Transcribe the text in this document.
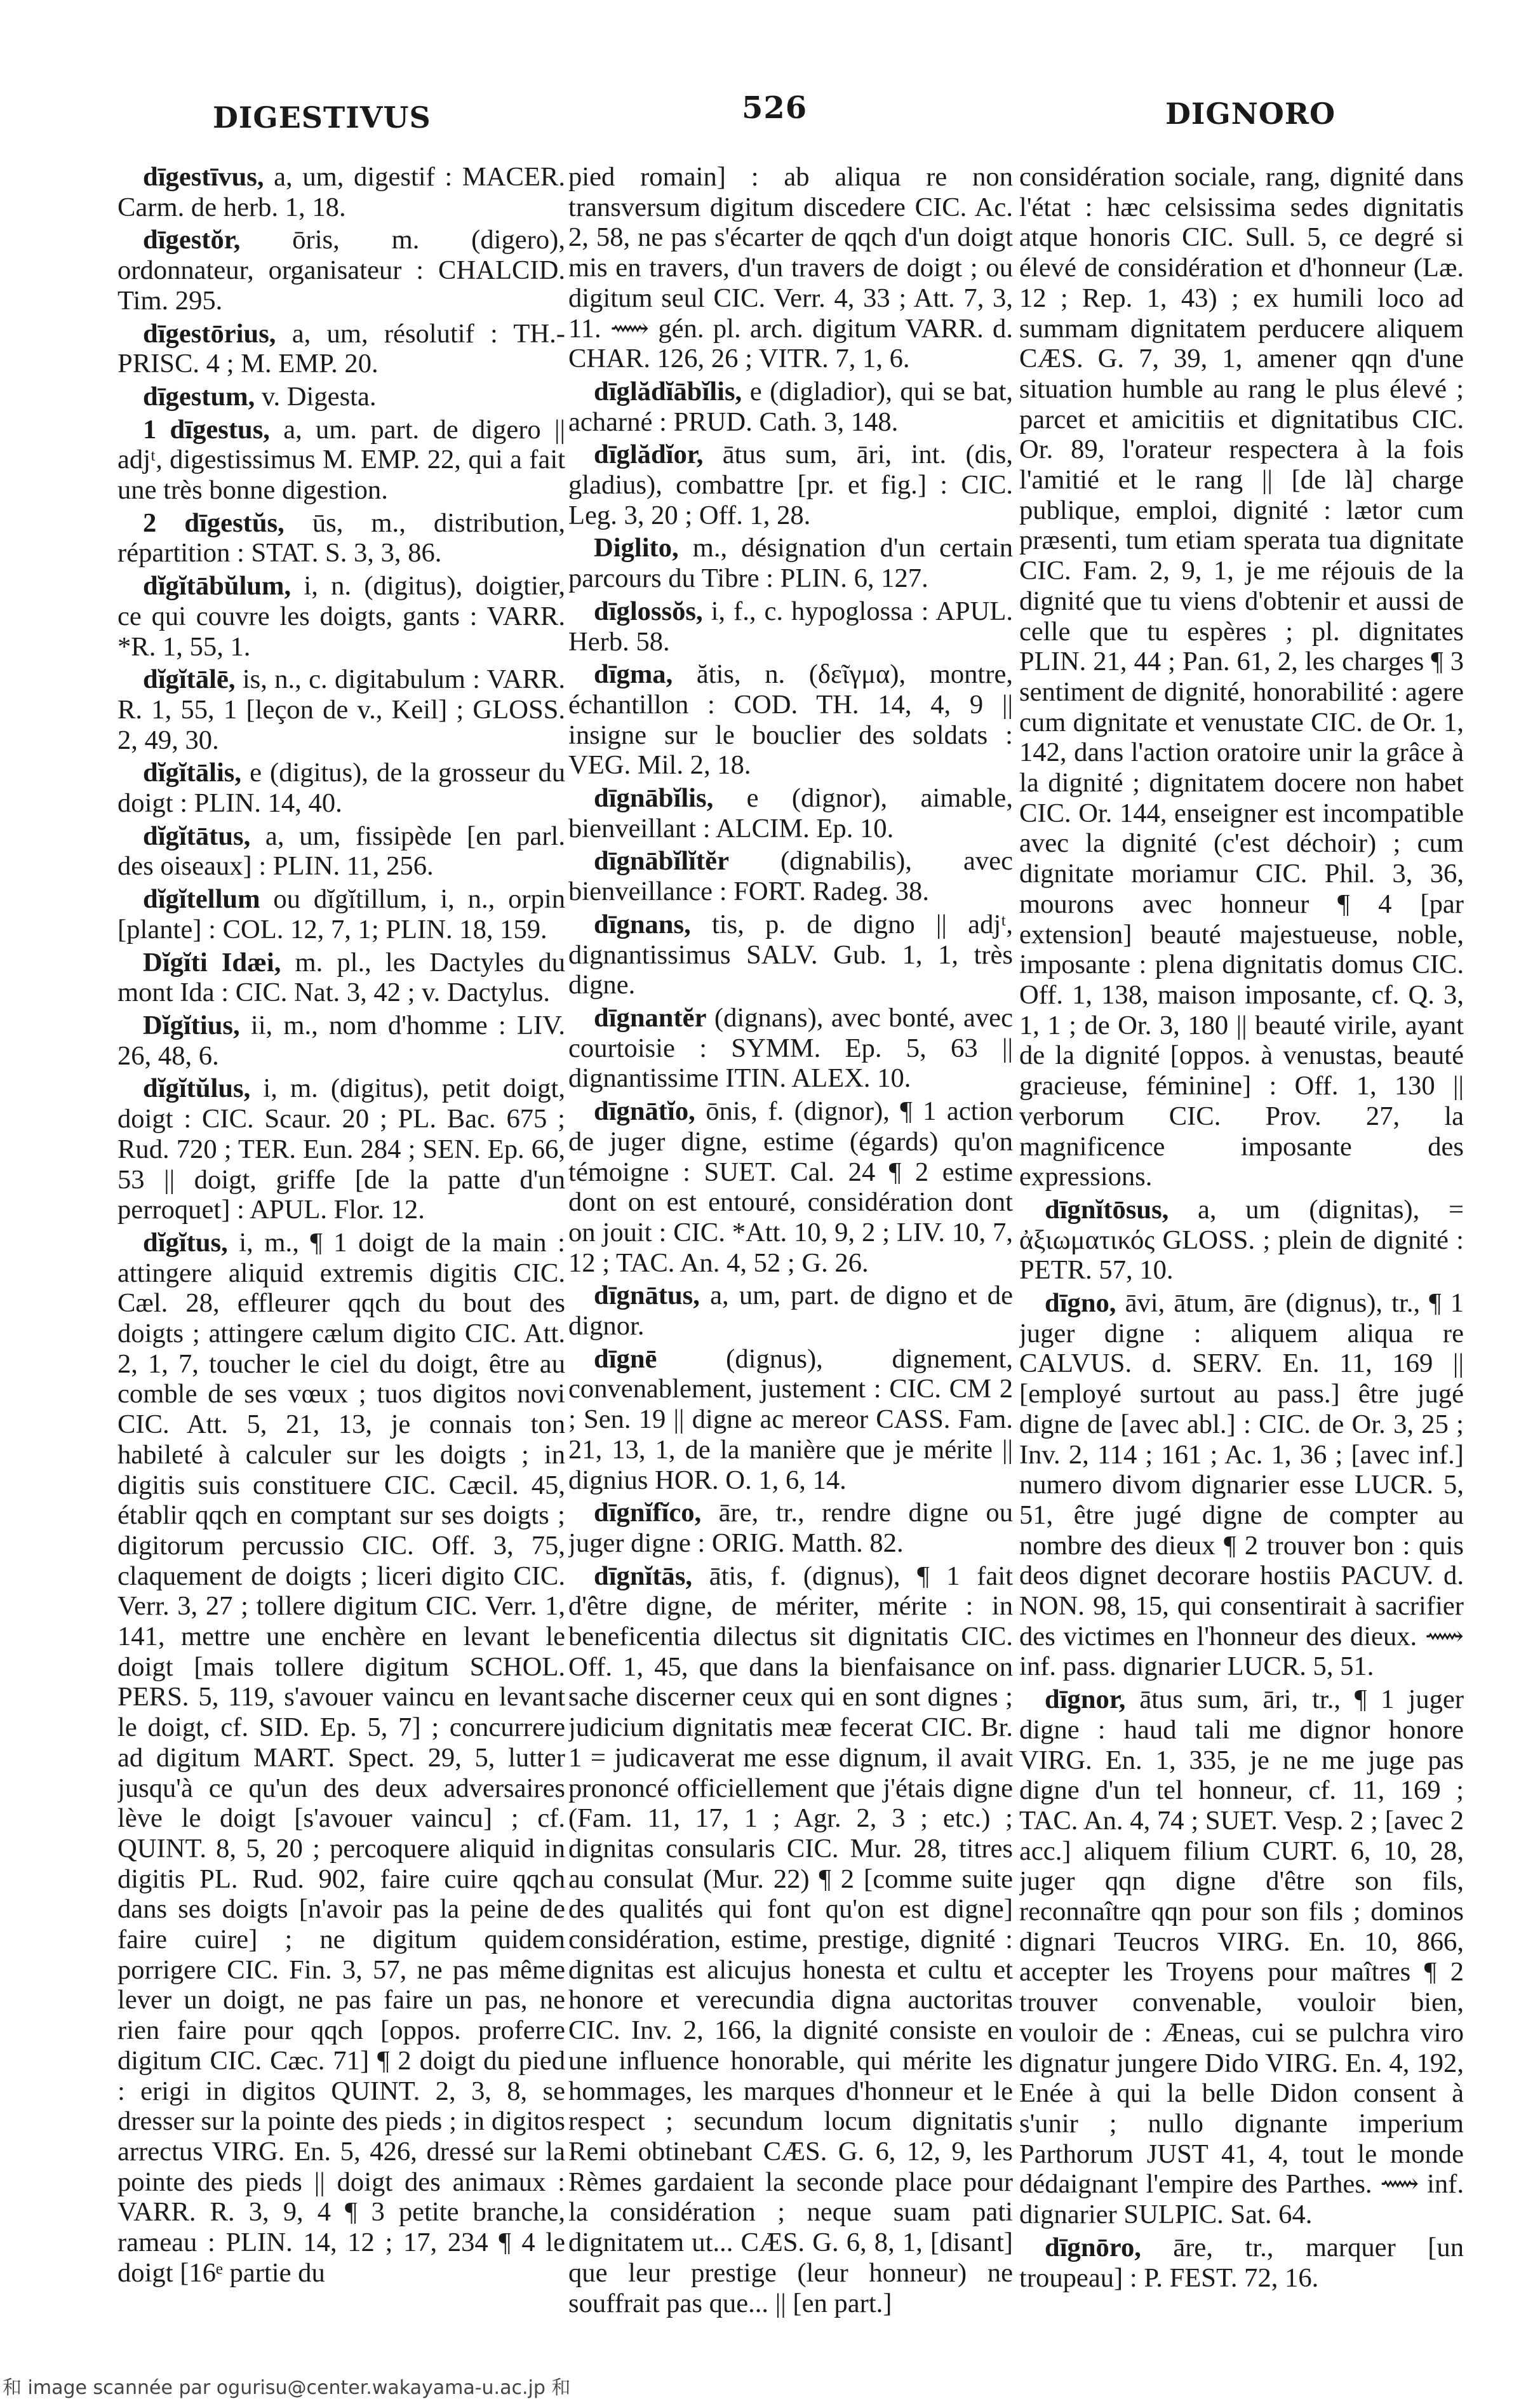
DIGESTIVUS	526	DIGNORO

dīgestīvus, a, um, digestif : MACER. Carm. de herb. 1, 18.

dīgestŏr, ōris, m. (digero), ordonnateur, organisateur : CHALCID. Tim. 295.

dīgestōrius, a, um, résolutif : TH.-PRISC. 4 ; M. EMP. 20.

dīgestum, v. Digesta.

1 dīgestus, a, um. part. de digero || adjᵗ, digestissimus M. EMP. 22, qui a fait une très bonne digestion.

2 dīgestŭs, ūs, m., distribution, répartition : STAT. S. 3, 3, 86.

dĭgĭtābŭlum, i, n. (digitus), doigtier, ce qui couvre les doigts, gants : VARR. *R. 1, 55, 1.

dĭgĭtālē, is, n., c. digitabulum : VARR. R. 1, 55, 1 [leçon de v., Keil] ; GLOSS. 2, 49, 30.

dĭgĭtālis, e (digitus), de la grosseur du doigt : PLIN. 14, 40.

dĭgĭtātus, a, um, fissipède [en parl. des oiseaux] : PLIN. 11, 256.

dĭgĭtellum ou dĭgĭtillum, i, n., orpin [plante] : COL. 12, 7, 1; PLIN. 18, 159.

Dĭgĭti Idæi, m. pl., les Dactyles du mont Ida : CIC. Nat. 3, 42 ; v. Dactylus.

Dĭgĭtius, ii, m., nom d'homme : LIV. 26, 48, 6.

dĭgĭtŭlus, i, m. (digitus), petit doigt, doigt : CIC. Scaur. 20 ; PL. Bac. 675 ; Rud. 720 ; TER. Eun. 284 ; SEN. Ep. 66, 53 || doigt, griffe [de la patte d'un perroquet] : APUL. Flor. 12.

dĭgĭtus, i, m., ¶ 1 doigt de la main : attingere aliquid extremis digitis CIC. Cæl. 28, effleurer qqch du bout des doigts ; attingere cælum digito CIC. Att. 2, 1, 7, toucher le ciel du doigt, être au comble de ses vœux ; tuos digitos novi CIC. Att. 5, 21, 13, je connais ton habileté à calculer sur les doigts ; in digitis suis constituere CIC. Cæcil. 45, établir qqch en comptant sur ses doigts ; digitorum percussio CIC. Off. 3, 75, claquement de doigts ; liceri digito CIC. Verr. 3, 27 ; tollere digitum CIC. Verr. 1, 141, mettre une enchère en levant le doigt [mais tollere digitum SCHOL. PERS. 5, 119, s'avouer vaincu en levant le doigt, cf. SID. Ep. 5, 7] ; concurrere ad digitum MART. Spect. 29, 5, lutter jusqu'à ce qu'un des deux adversaires lève le doigt [s'avouer vaincu] ; cf. QUINT. 8, 5, 20 ; percoquere aliquid in digitis PL. Rud. 902, faire cuire qqch dans ses doigts [n'avoir pas la peine de faire cuire] ; ne digitum quidem porrigere CIC. Fin. 3, 57, ne pas même lever un doigt, ne pas faire un pas, ne rien faire pour qqch [oppos. proferre digitum CIC. Cæc. 71] ¶ 2 doigt du pied : erigi in digitos QUINT. 2, 3, 8, se dresser sur la pointe des pieds ; in digitos arrectus VIRG. En. 5, 426, dressé sur la pointe des pieds || doigt des animaux : VARR. R. 3, 9, 4 ¶ 3 petite branche, rameau : PLIN. 14, 12 ; 17, 234 ¶ 4 le doigt [16ᵉ partie du

pied romain] : ab aliqua re non transversum digitum discedere CIC. Ac. 2, 58, ne pas s'écarter de qqch d'un doigt mis en travers, d'un travers de doigt ; ou digitum seul CIC. Verr. 4, 33 ; Att. 7, 3, 11. ⟿ gén. pl. arch. digitum VARR. d. CHAR. 126, 26 ; VITR. 7, 1, 6.

dīglădĭābĭlis, e (digladior), qui se bat, acharné : PRUD. Cath. 3, 148.

dīglădĭor, ātus sum, āri, int. (dis, gladius), combattre [pr. et fig.] : CIC. Leg. 3, 20 ; Off. 1, 28.

Diglito, m., désignation d'un certain parcours du Tibre : PLIN. 6, 127.

dīglossŏs, i, f., c. hypoglossa : APUL. Herb. 58.

dīgma, ătis, n. (δεῖγμα), montre, échantillon : COD. TH. 14, 4, 9 || insigne sur le bouclier des soldats : VEG. Mil. 2, 18.

dīgnābĭlis, e (dignor), aimable, bienveillant : ALCIM. Ep. 10.

dīgnābĭlĭtĕr (dignabilis), avec bienveillance : FORT. Radeg. 38.

dīgnans, tis, p. de digno || adjᵗ, dignantissimus SALV. Gub. 1, 1, très digne.

dīgnantĕr (dignans), avec bonté, avec courtoisie : SYMM. Ep. 5, 63 || dignantissime ITIN. ALEX. 10.

dīgnātĭo, ōnis, f. (dignor), ¶ 1 action de juger digne, estime (égards) qu'on témoigne : SUET. Cal. 24 ¶ 2 estime dont on est entouré, considération dont on jouit : CIC. *Att. 10, 9, 2 ; LIV. 10, 7, 12 ; TAC. An. 4, 52 ; G. 26.

dīgnātus, a, um, part. de digno et de dignor.

dīgnē (dignus), dignement, convenablement, justement : CIC. CM 2 ; Sen. 19 || digne ac mereor CASS. Fam. 21, 13, 1, de la manière que je mérite || dignius HOR. O. 1, 6, 14.

dīgnĭfĭco, āre, tr., rendre digne ou juger digne : ORIG. Matth. 82.

dīgnĭtās, ātis, f. (dignus), ¶ 1 fait d'être digne, de mériter, mérite : in beneficentia dilectus sit dignitatis CIC. Off. 1, 45, que dans la bienfaisance on sache discerner ceux qui en sont dignes ; judicium dignitatis meæ fecerat CIC. Br. 1 = judicaverat me esse dignum, il avait prononcé officiellement que j'étais digne (Fam. 11, 17, 1 ; Agr. 2, 3 ; etc.) ; dignitas consularis CIC. Mur. 28, titres au consulat (Mur. 22) ¶ 2 [comme suite des qualités qui font qu'on est digne] considération, estime, prestige, dignité : dignitas est alicujus honesta et cultu et honore et verecundia digna auctoritas CIC. Inv. 2, 166, la dignité consiste en une influence honorable, qui mérite les hommages, les marques d'honneur et le respect ; secundum locum dignitatis Remi obtinebant CÆS. G. 6, 12, 9, les Rèmes gardaient la seconde place pour la considération ; neque suam pati dignitatem ut... CÆS. G. 6, 8, 1, [disant] que leur prestige (leur honneur) ne souffrait pas que... || [en part.]

considération sociale, rang, dignité dans l'état : hæc celsissima sedes dignitatis atque honoris CIC. Sull. 5, ce degré si élevé de considération et d'honneur (Læ. 12 ; Rep. 1, 43) ; ex humili loco ad summam dignitatem perducere aliquem CÆS. G. 7, 39, 1, amener qqn d'une situation humble au rang le plus élevé ; parcet et amicitiis et dignitatibus CIC. Or. 89, l'orateur respectera à la fois l'amitié et le rang || [de là] charge publique, emploi, dignité : lætor cum præsenti, tum etiam sperata tua dignitate CIC. Fam. 2, 9, 1, je me réjouis de la dignité que tu viens d'obtenir et aussi de celle que tu espères ; pl. dignitates PLIN. 21, 44 ; Pan. 61, 2, les charges ¶ 3 sentiment de dignité, honorabilité : agere cum dignitate et venustate CIC. de Or. 1, 142, dans l'action oratoire unir la grâce à la dignité ; dignitatem docere non habet CIC. Or. 144, enseigner est incompatible avec la dignité (c'est déchoir) ; cum dignitate moriamur CIC. Phil. 3, 36, mourons avec honneur ¶ 4 [par extension] beauté majestueuse, noble, imposante : plena dignitatis domus CIC. Off. 1, 138, maison imposante, cf. Q. 3, 1, 1 ; de Or. 3, 180 || beauté virile, ayant de la dignité [oppos. à venustas, beauté gracieuse, féminine] : Off. 1, 130 || verborum CIC. Prov. 27, la magnificence imposante des expressions.

dīgnĭtōsus, a, um (dignitas), = ἀξιωματικός GLOSS. ; plein de dignité : PETR. 57, 10.

dīgno, āvi, ātum, āre (dignus), tr., ¶ 1 juger digne : aliquem aliqua re CALVUS. d. SERV. En. 11, 169 || [employé surtout au pass.] être jugé digne de [avec abl.] : CIC. de Or. 3, 25 ; Inv. 2, 114 ; 161 ; Ac. 1, 36 ; [avec inf.] numero divom dignarier esse LUCR. 5, 51, être jugé digne de compter au nombre des dieux ¶ 2 trouver bon : quis deos dignet decorare hostiis PACUV. d. NON. 98, 15, qui consentirait à sacrifier des victimes en l'honneur des dieux. ⟿ inf. pass. dignarier LUCR. 5, 51.

dīgnor, ātus sum, āri, tr., ¶ 1 juger digne : haud tali me dignor honore VIRG. En. 1, 335, je ne me juge pas digne d'un tel honneur, cf. 11, 169 ; TAC. An. 4, 74 ; SUET. Vesp. 2 ; [avec 2 acc.] aliquem filium CURT. 6, 10, 28, juger qqn digne d'être son fils, reconnaître qqn pour son fils ; dominos dignari Teucros VIRG. En. 10, 866, accepter les Troyens pour maîtres ¶ 2 trouver convenable, vouloir bien, vouloir de : Æneas, cui se pulchra viro dignatur jungere Dido VIRG. En. 4, 192, Enée à qui la belle Didon consent à s'unir ; nullo dignante imperium Parthorum JUST 41, 4, tout le monde dédaignant l'empire des Parthes. ⟿ inf. dignarier SULPIC. Sat. 64.

dīgnōro, āre, tr., marquer [un troupeau] : P. FEST. 72, 16.

和 image scannée par ogurisu@center.wakayama-u.ac.jp 和
